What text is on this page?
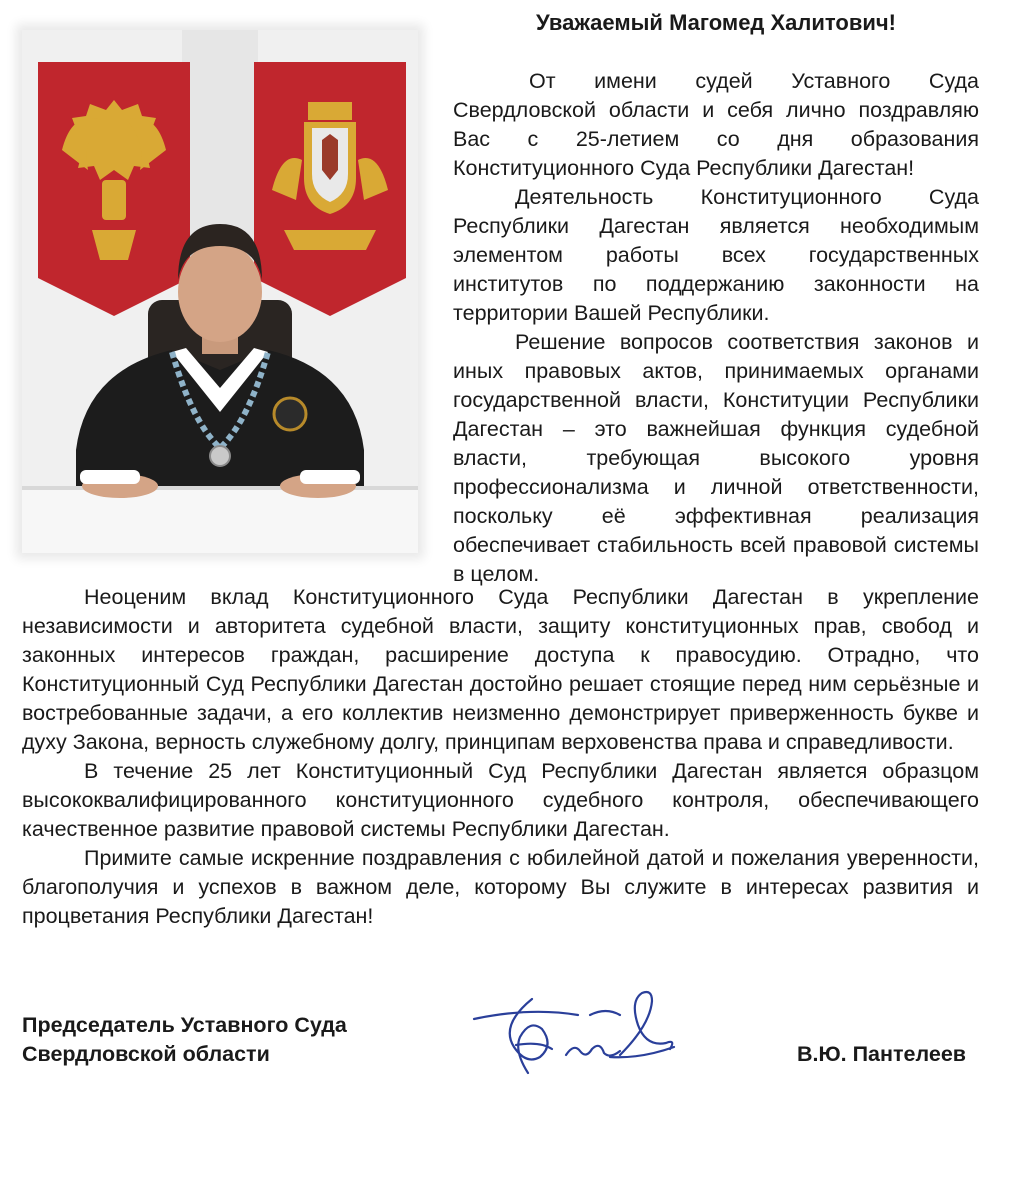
Уважаемый Магомед Халитович!

От имени судей Уставного Суда Свердловской области и себя лично поздравляю Вас с 25-летием со дня образования Конституционного Суда Республики Дагестан!

Деятельность Конституционного Суда Республики Дагестан является необходимым элементом работы всех государственных институтов по поддержанию законности на территории Вашей Республики.

Решение вопросов соответствия законов и иных правовых актов, принимаемых органами государственной власти, Конституции Республики Дагестан – это важнейшая функция судебной власти, требующая высокого уровня профессионализма и личной ответственности, поскольку её эффективная реализация обеспечивает стабильность всей правовой системы в целом.

Неоценим вклад Конституционного Суда Республики Дагестан в укрепление независимости и авторитета судебной власти, защиту конституционных прав, свобод и законных интересов граждан, расширение доступа к правосудию. Отрадно, что Конституционный Суд Республики Дагестан достойно решает стоящие перед ним серьёзные и востребованные задачи, а его коллектив неизменно демонстрирует приверженность букве и духу Закона, верность служебному долгу, принципам верховенства права и справедливости.

В течение 25 лет Конституционный Суд Республики Дагестан является образцом высококвалифицированного конституционного судебного контроля, обеспечивающего качественное развитие правовой системы Республики Дагестан.

Примите самые искренние поздравления с юбилейной датой и пожелания уверенности, благополучия и успехов в важном деле, которому Вы служите в интересах развития и процветания Республики Дагестан!

Председатель Уставного Суда
Свердловской области	В.Ю. Пантелеев
